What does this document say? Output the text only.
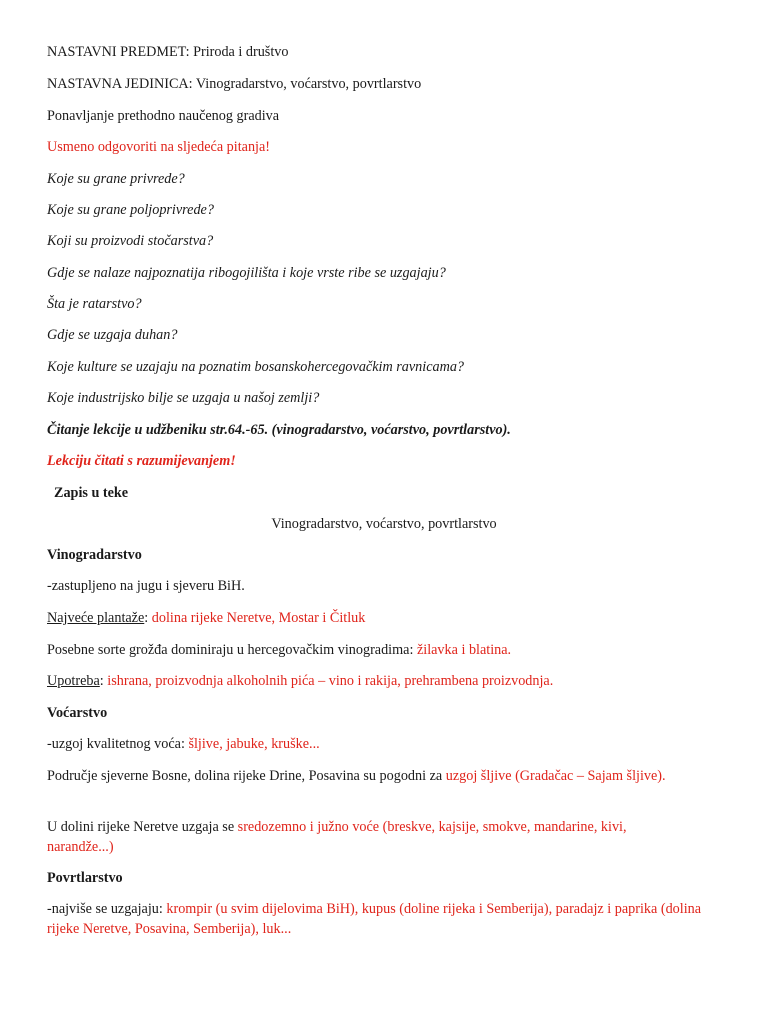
NASTAVNI PREDMET: Priroda i društvo
NASTAVNA JEDINICA: Vinogradarstvo, voćarstvo, povrtlarstvo
Ponavljanje prethodno naučenog gradiva
Usmeno odgovoriti na sljedeća pitanja!
Koje su grane privrede?
Koje su grane poljoprivrede?
Koji su proizvodi stočarstva?
Gdje se nalaze najpoznatija ribogojilišta i koje vrste ribe se uzgajaju?
Šta je ratarstvo?
Gdje se uzgaja duhan?
Koje kulture se uzajaju na poznatim bosanskohercegovačkim ravnicama?
Koje industrijsko bilje se uzgaja u našoj zemlji?
Čitanje lekcije u udžbeniku str.64.-65. (vinogradarstvo, voćarstvo, povrtlarstvo).
Lekciju čitati s razumijevanjem!
Zapis u teke
Vinogradarstvo, voćarstvo, povrtlarstvo
Vinogradarstvo
-zastupljeno na jugu i sjeveru BiH.
Najveće plantaže: dolina rijeke Neretve, Mostar i Čitluk
Posebne sorte grožđa dominiraju u hercegovačkim vinogradima: žilavka i blatina.
Upotreba: ishrana, proizvodnja alkoholnih pića – vino i rakija, prehrambena proizvodnja.
Voćarstvo
-uzgoj kvalitetnog voća: šljive, jabuke, kruške...
Područje sjeverne Bosne, dolina rijeke Drine, Posavina su pogodni za uzgoj šljive (Gradačac – Sajam šljive).
U dolini rijeke Neretve uzgaja se sredozemno i južno voće (breskve, kajsije, smokve, mandarine, kivi, narandže...)
Povrtlarstvo
-najviše se uzgajaju: krompir (u svim dijelovima BiH), kupus (doline rijeka i Semberija), paradajz i paprika (dolina rijeke Neretve, Posavina, Semberija), luk...
